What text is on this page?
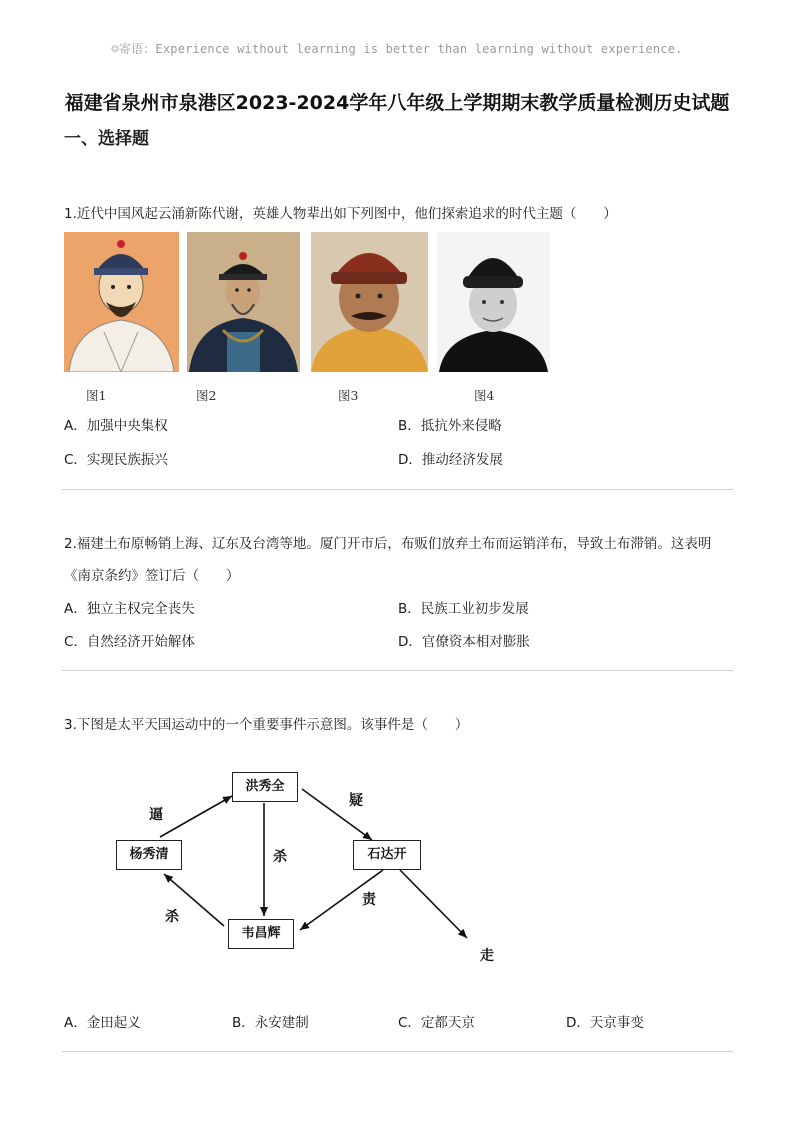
☺寄语：Experience without learning is better than learning without experience.
福建省泉州市泉港区2023-2024学年八年级上学期期末教学质量检测历史试题
一、选择题
1.近代中国风起云涌新陈代谢，英雄人物辈出如下列图中，他们探索追求的时代主题（　　）
图1	图2	图3	图4
A．加强中央集权	B．抵抗外来侵略
C．实现民族振兴	D．推动经济发展
2.福建土布原畅销上海、辽东及台湾等地。厦门开市后，布贩们放弃土布而运销洋布，导致土布滞销。这表明
《南京条约》签订后（　　）
A．独立主权完全丧失	B．民族工业初步发展
C．自然经济开始解体	D．官僚资本相对膨胀
3.下图是太平天国运动中的一个重要事件示意图。该事件是（　　）
洪秀全
杨秀清	石达开
韦昌辉
逼
疑
杀
杀
责
走
A．金田起义	B．永安建制	C．定都天京	D．天京事变
